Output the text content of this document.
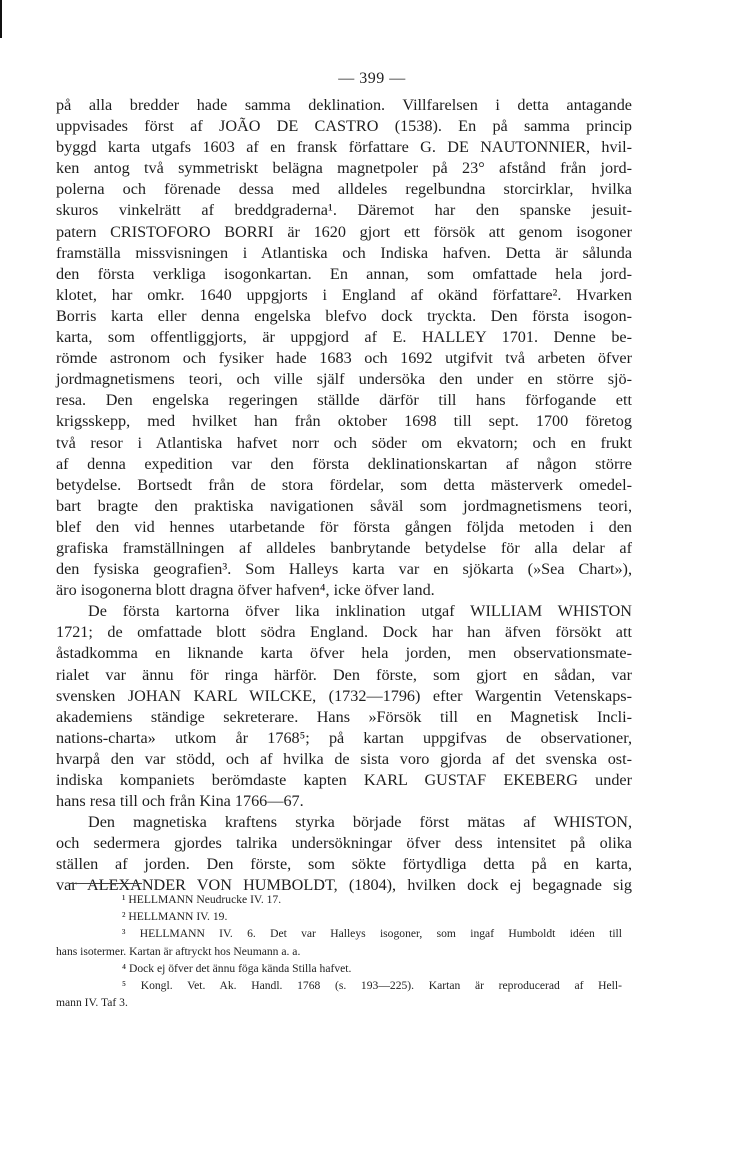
— 399 —
på alla bredder hade samma deklination. Villfarelsen i detta antagande
uppvisades först af JOÃO DE CASTRO (1538). En på samma princip
byggd karta utgafs 1603 af en fransk författare G. DE NAUTONNIER, hvil-
ken antog två symmetriskt belägna magnetpoler på 23° afstånd från jord-
polerna och förenade dessa med alldeles regelbundna storcirklar, hvilka
skuros vinkelrätt af breddgraderna¹. Däremot har den spanske jesuit-
patern CRISTOFORO BORRI är 1620 gjort ett försök att genom isogoner
framställa missvisningen i Atlantiska och Indiska hafven. Detta är sålunda
den första verkliga isogonkartan. En annan, som omfattade hela jord-
klotet, har omkr. 1640 uppgjorts i England af okänd författare². Hvarken
Borris karta eller denna engelska blefvo dock tryckta. Den första isogon-
karta, som offentliggjorts, är uppgjord af E. HALLEY 1701. Denne be-
römde astronom och fysiker hade 1683 och 1692 utgifvit två arbeten öfver
jordmagnetismens teori, och ville själf undersöka den under en större sjö-
resa. Den engelska regeringen ställde därför till hans förfogande ett
krigsskepp, med hvilket han från oktober 1698 till sept. 1700 företog
två resor i Atlantiska hafvet norr och söder om ekvatorn; och en frukt
af denna expedition var den första deklinationskartan af någon större
betydelse. Bortsedt från de stora fördelar, som detta mästerverk omedel-
bart bragte den praktiska navigationen såväl som jordmagnetismens teori,
blef den vid hennes utarbetande för första gången följda metoden i den
grafiska framställningen af alldeles banbrytande betydelse för alla delar af
den fysiska geografien³. Som Halleys karta var en sjökarta (»Sea Chart»),
äro isogonerna blott dragna öfver hafven⁴, icke öfver land.
De första kartorna öfver lika inklination utgaf WILLIAM WHISTON
1721; de omfattade blott södra England. Dock har han äfven försökt att
åstadkomma en liknande karta öfver hela jorden, men observationsmate-
rialet var ännu för ringa härför. Den förste, som gjort en sådan, var
svensken JOHAN KARL WILCKE, (1732—1796) efter Wargentin Vetenskaps-
akademiens ständige sekreterare. Hans »Försök till en Magnetisk Incli-
nations-charta» utkom år 1768⁵; på kartan uppgifvas de observationer,
hvarpå den var stödd, och af hvilka de sista voro gjorda af det svenska ost-
indiska kompaniets berömdaste kapten KARL GUSTAF EKEBERG under
hans resa till och från Kina 1766—67.
Den magnetiska kraftens styrka började först mätas af WHISTON,
och sedermera gjordes talrika undersökningar öfver dess intensitet på olika
ställen af jorden. Den förste, som sökte förtydliga detta på en karta,
var ALEXANDER VON HUMBOLDT, (1804), hvilken dock ej begagnade sig
¹ HELLMANN Neudrucke IV. 17.
² HELLMANN IV. 19.
³ HELLMANN IV. 6. Det var Halleys isogoner, som ingaf Humboldt idéen till
hans isotermer. Kartan är aftryckt hos Neumann a. a.
⁴ Dock ej öfver det ännu föga kända Stilla hafvet.
⁵ Kongl. Vet. Ak. Handl. 1768 (s. 193—225). Kartan är reproducerad af Hell-
mann IV. Taf 3.
